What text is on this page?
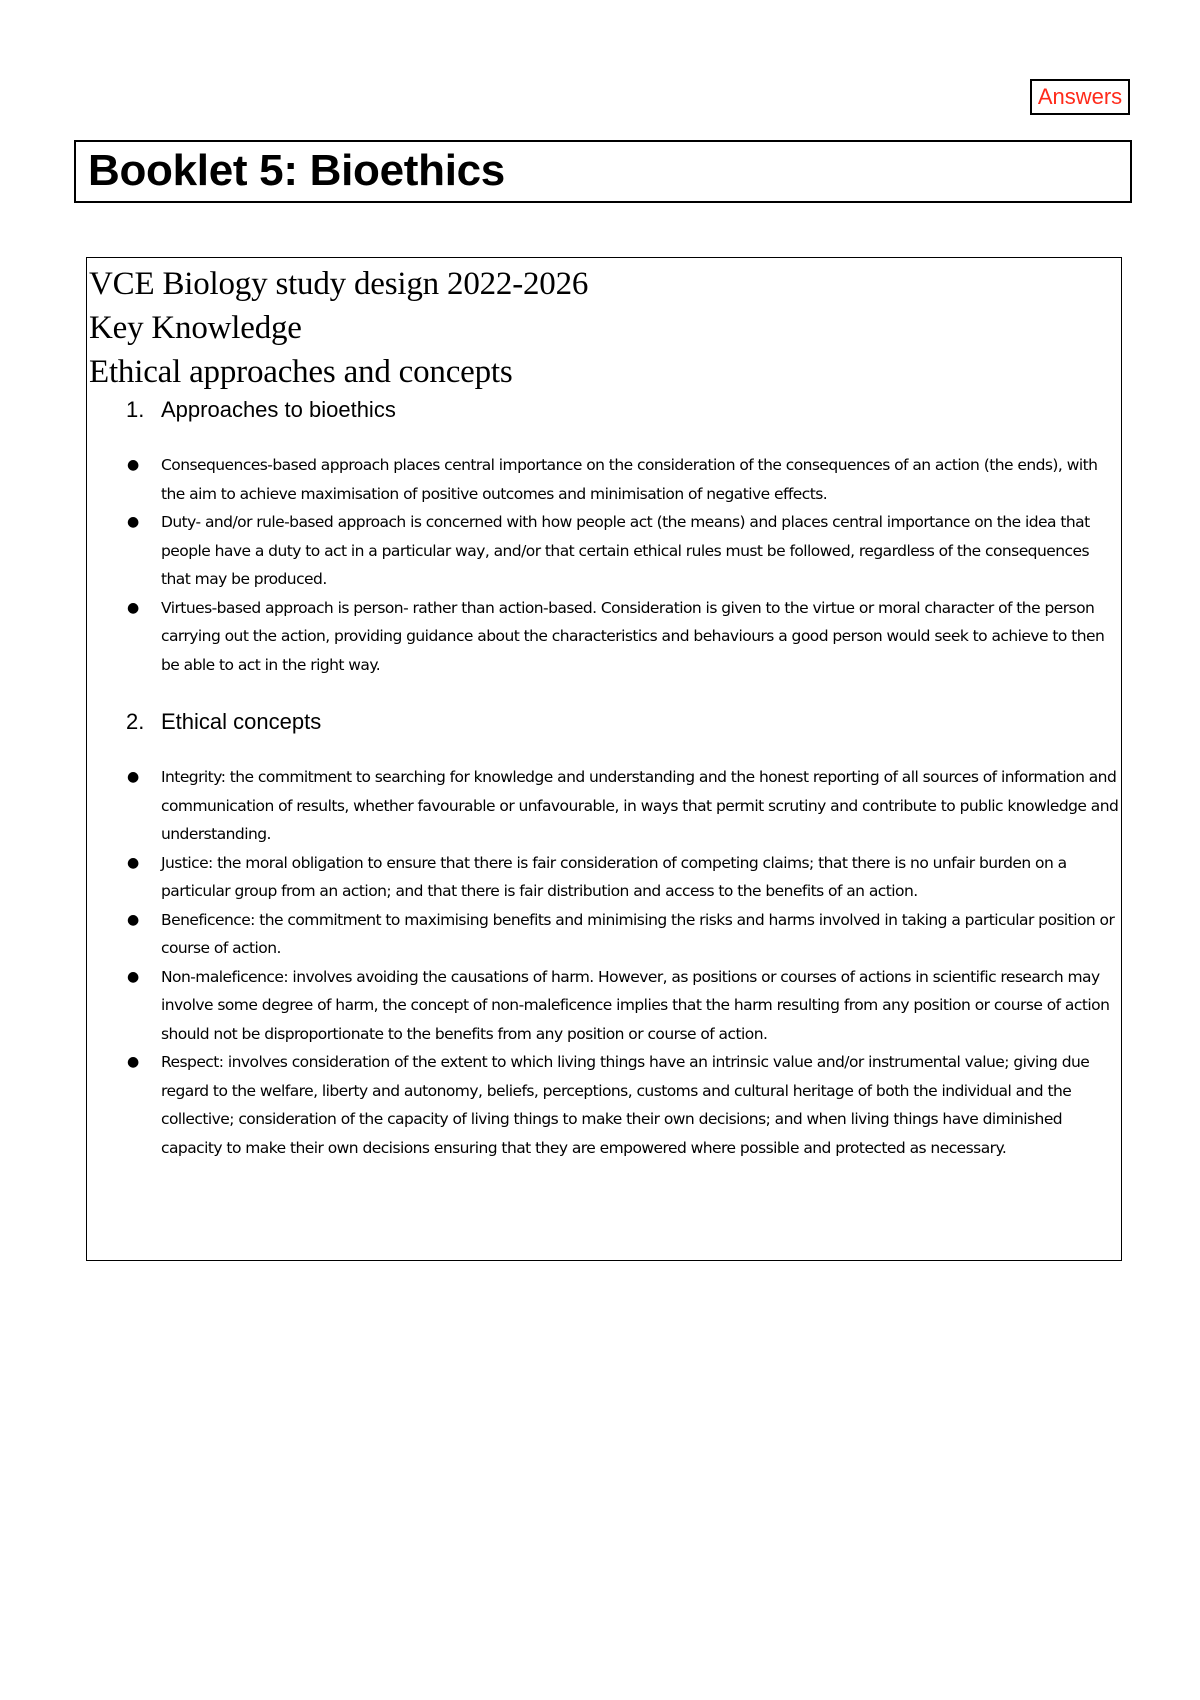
Answers
Booklet 5: Bioethics
VCE Biology study design 2022-2026
Key Knowledge
Ethical approaches and concepts
1. Approaches to bioethics
● Consequences-based approach places central importance on the consideration of the consequences of an action (the ends), with the aim to achieve maximisation of positive outcomes and minimisation of negative effects.
● Duty- and/or rule-based approach is concerned with how people act (the means) and places central importance on the idea that people have a duty to act in a particular way, and/or that certain ethical rules must be followed, regardless of the consequences that may be produced.
● Virtues-based approach is person- rather than action-based. Consideration is given to the virtue or moral character of the person carrying out the action, providing guidance about the characteristics and behaviours a good person would seek to achieve to then be able to act in the right way.
2. Ethical concepts
● Integrity: the commitment to searching for knowledge and understanding and the honest reporting of all sources of information and communication of results, whether favourable or unfavourable, in ways that permit scrutiny and contribute to public knowledge and understanding.
● Justice: the moral obligation to ensure that there is fair consideration of competing claims; that there is no unfair burden on a particular group from an action; and that there is fair distribution and access to the benefits of an action.
● Beneficence: the commitment to maximising benefits and minimising the risks and harms involved in taking a particular position or course of action.
● Non-maleficence: involves avoiding the causations of harm. However, as positions or courses of actions in scientific research may involve some degree of harm, the concept of non-maleficence implies that the harm resulting from any position or course of action should not be disproportionate to the benefits from any position or course of action.
● Respect: involves consideration of the extent to which living things have an intrinsic value and/or instrumental value; giving due regard to the welfare, liberty and autonomy, beliefs, perceptions, customs and cultural heritage of both the individual and the collective; consideration of the capacity of living things to make their own decisions; and when living things have diminished capacity to make their own decisions ensuring that they are empowered where possible and protected as necessary.
